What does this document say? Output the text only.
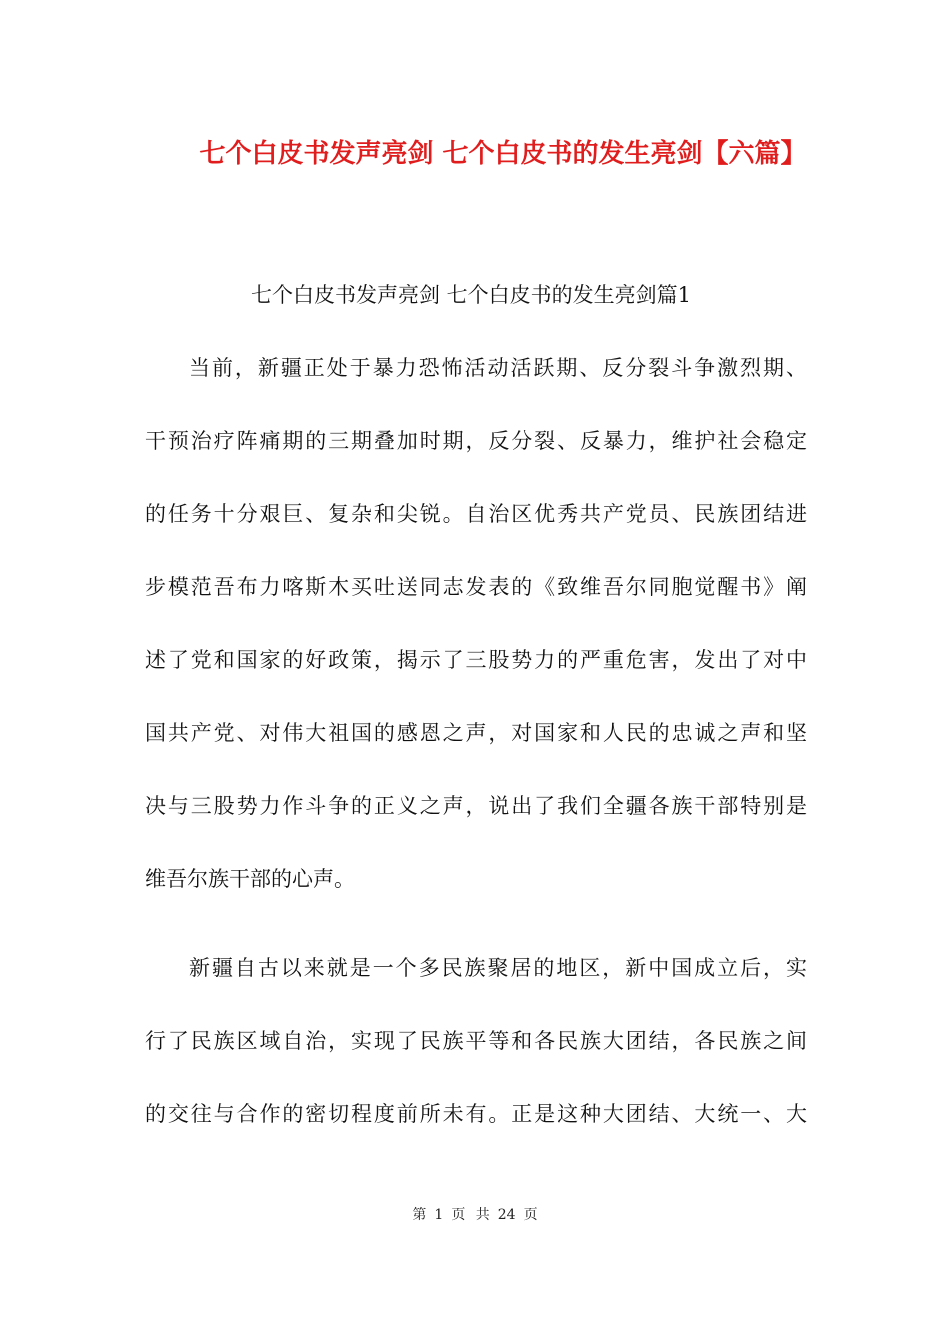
七个白皮书发声亮剑 七个白皮书的发生亮剑【六篇】
七个白皮书发声亮剑 七个白皮书的发生亮剑篇1
当前，新疆正处于暴力恐怖活动活跃期、反分裂斗争激烈期、
干预治疗阵痛期的三期叠加时期，反分裂、反暴力，维护社会稳定
的任务十分艰巨、复杂和尖锐。自治区优秀共产党员、民族团结进
步模范吾布力喀斯木买吐送同志发表的《致维吾尔同胞觉醒书》阐
述了党和国家的好政策，揭示了三股势力的严重危害，发出了对中
国共产党、对伟大祖国的感恩之声，对国家和人民的忠诚之声和坚
决与三股势力作斗争的正义之声，说出了我们全疆各族干部特别是
维吾尔族干部的心声。
新疆自古以来就是一个多民族聚居的地区，新中国成立后，实
行了民族区域自治，实现了民族平等和各民族大团结，各民族之间
的交往与合作的密切程度前所未有。正是这种大团结、大统一、大
第 1 页 共 24 页
